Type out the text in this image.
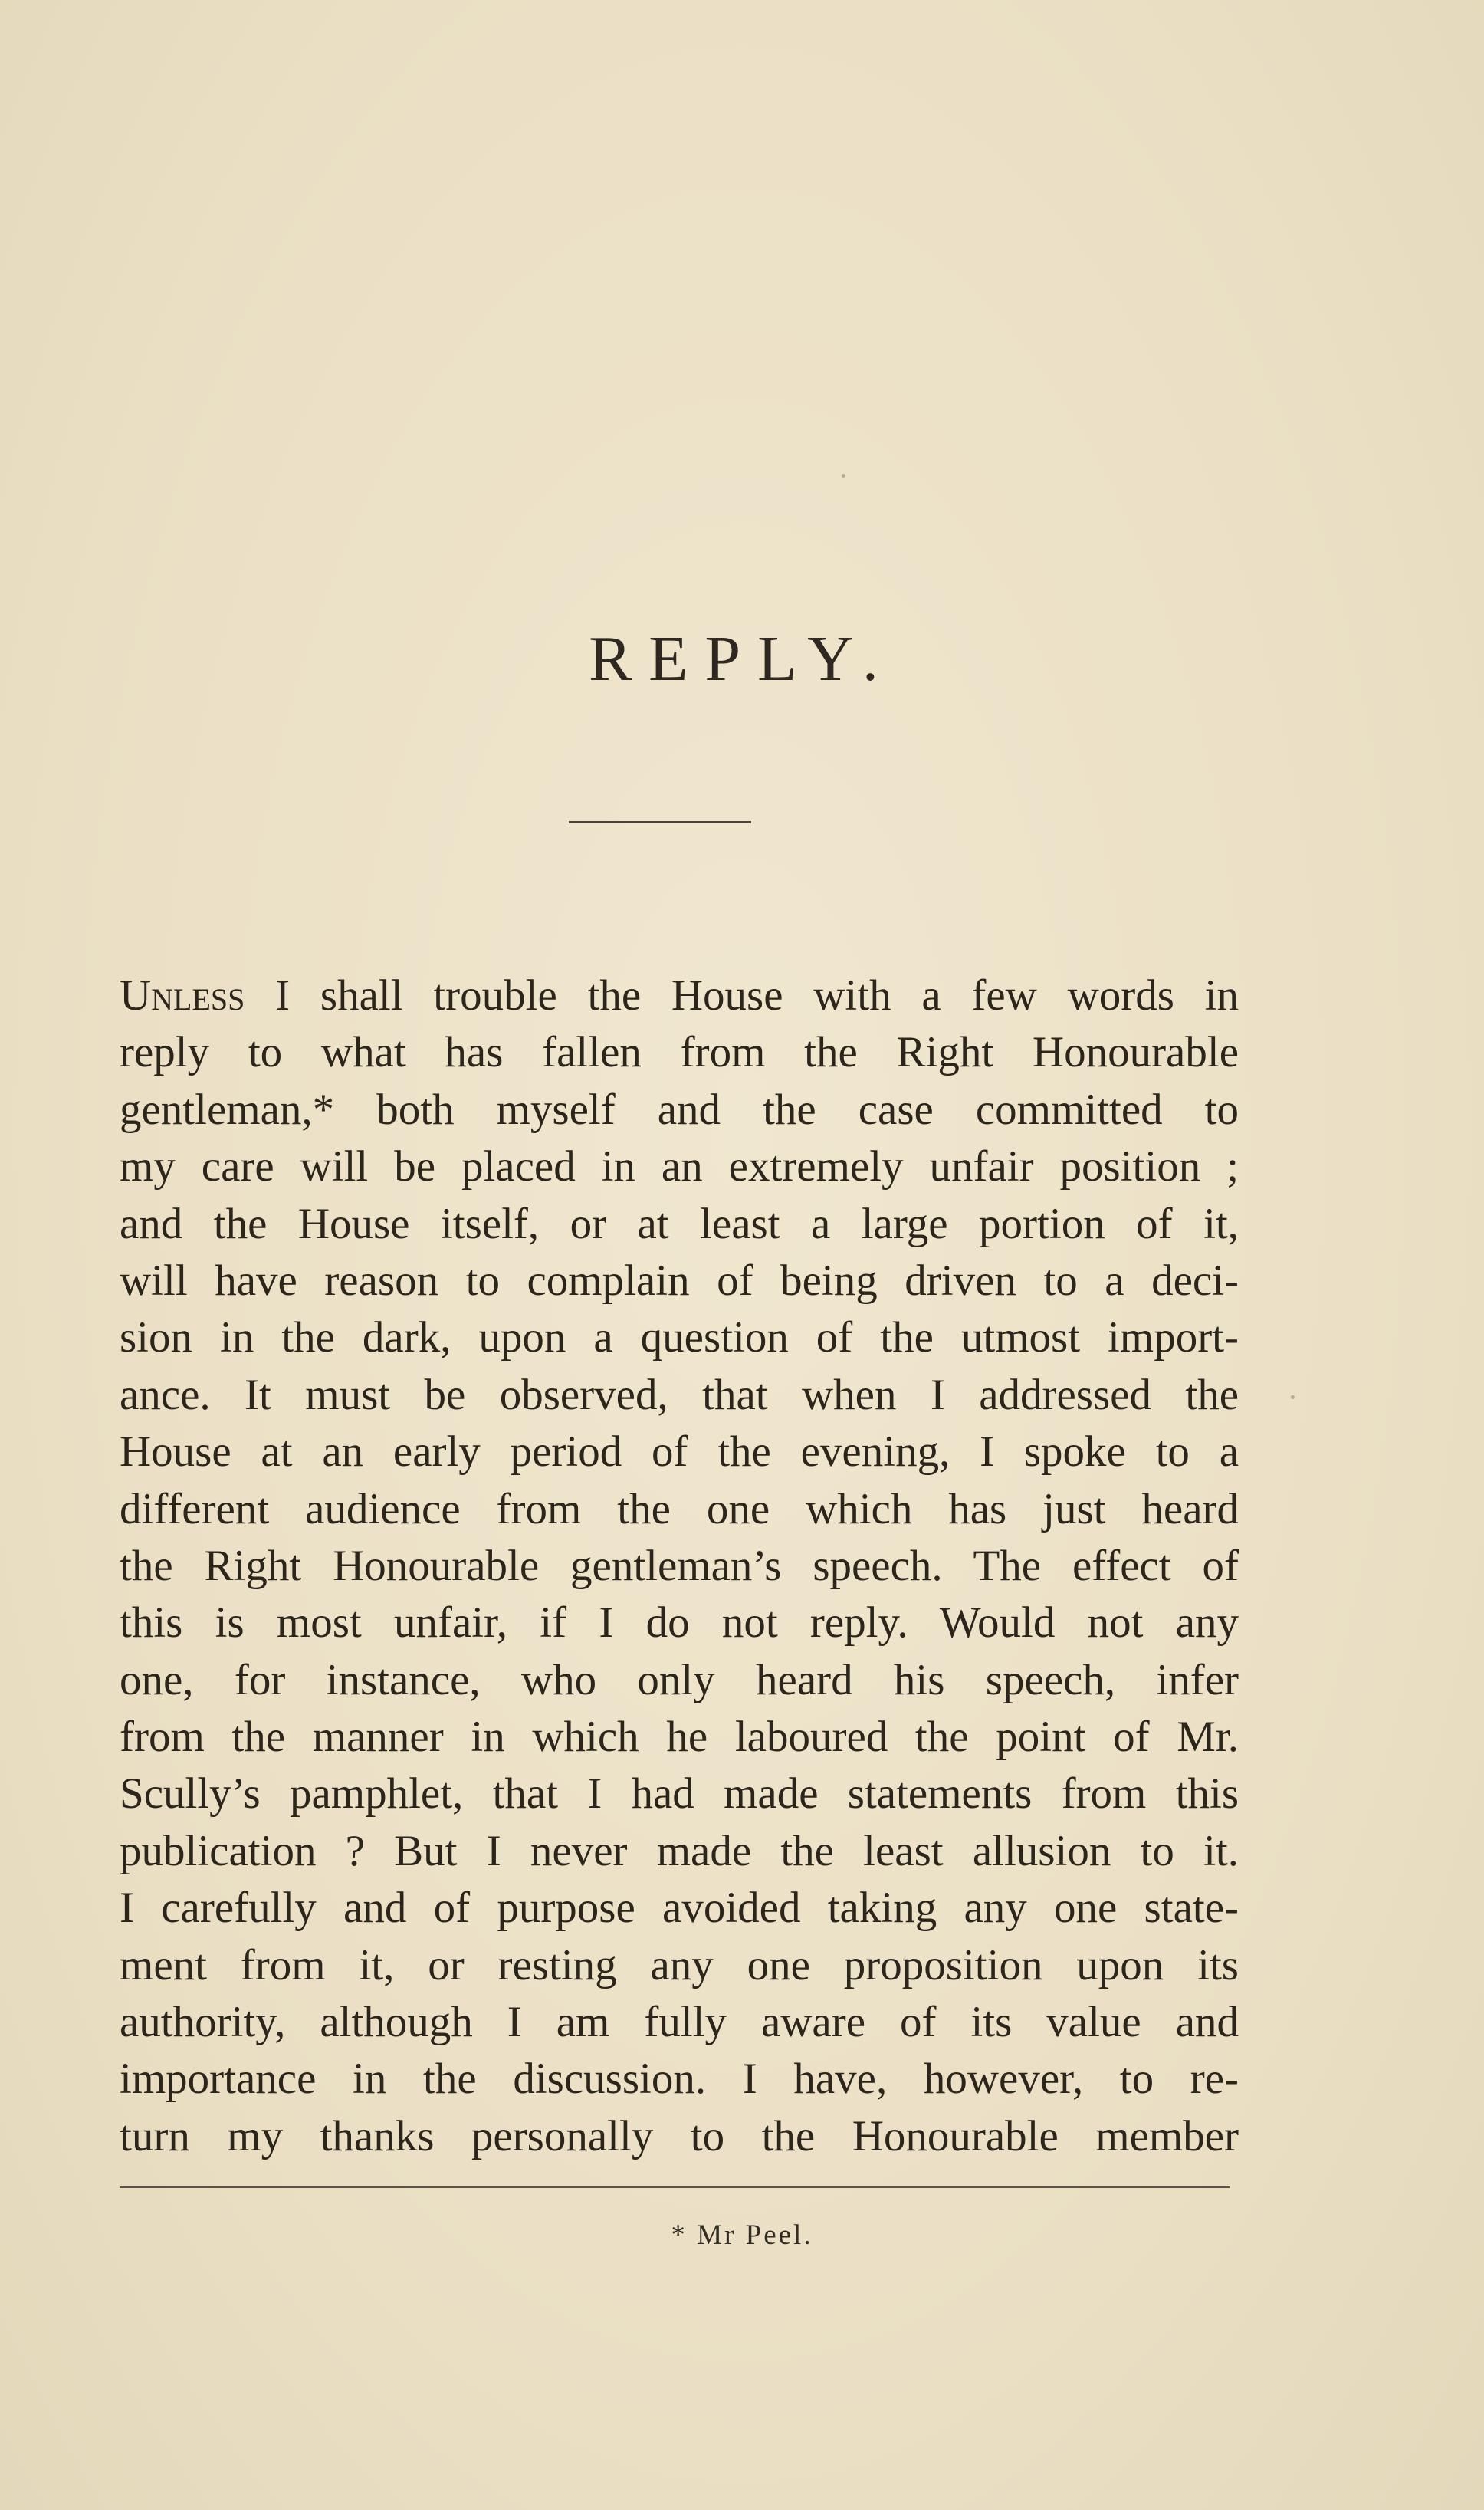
REPLY.
Unless I shall trouble the House with a few words in
reply to what has fallen from the Right Honourable
gentleman,* both myself and the case committed to
my care will be placed in an extremely unfair position ;
and the House itself, or at least a large portion of it,
will have reason to complain of being driven to a deci-
sion in the dark, upon a question of the utmost import-
ance. It must be observed, that when I addressed the
House at an early period of the evening, I spoke to a
different audience from the one which has just heard
the Right Honourable gentleman’s speech. The effect of
this is most unfair, if I do not reply. Would not any
one, for instance, who only heard his speech, infer
from the manner in which he laboured the point of Mr.
Scully’s pamphlet, that I had made statements from this
publication ? But I never made the least allusion to it.
I carefully and of purpose avoided taking any one state-
ment from it, or resting any one proposition upon its
authority, although I am fully aware of its value and
importance in the discussion. I have, however, to re-
turn my thanks personally to the Honourable member
* Mr Peel.
